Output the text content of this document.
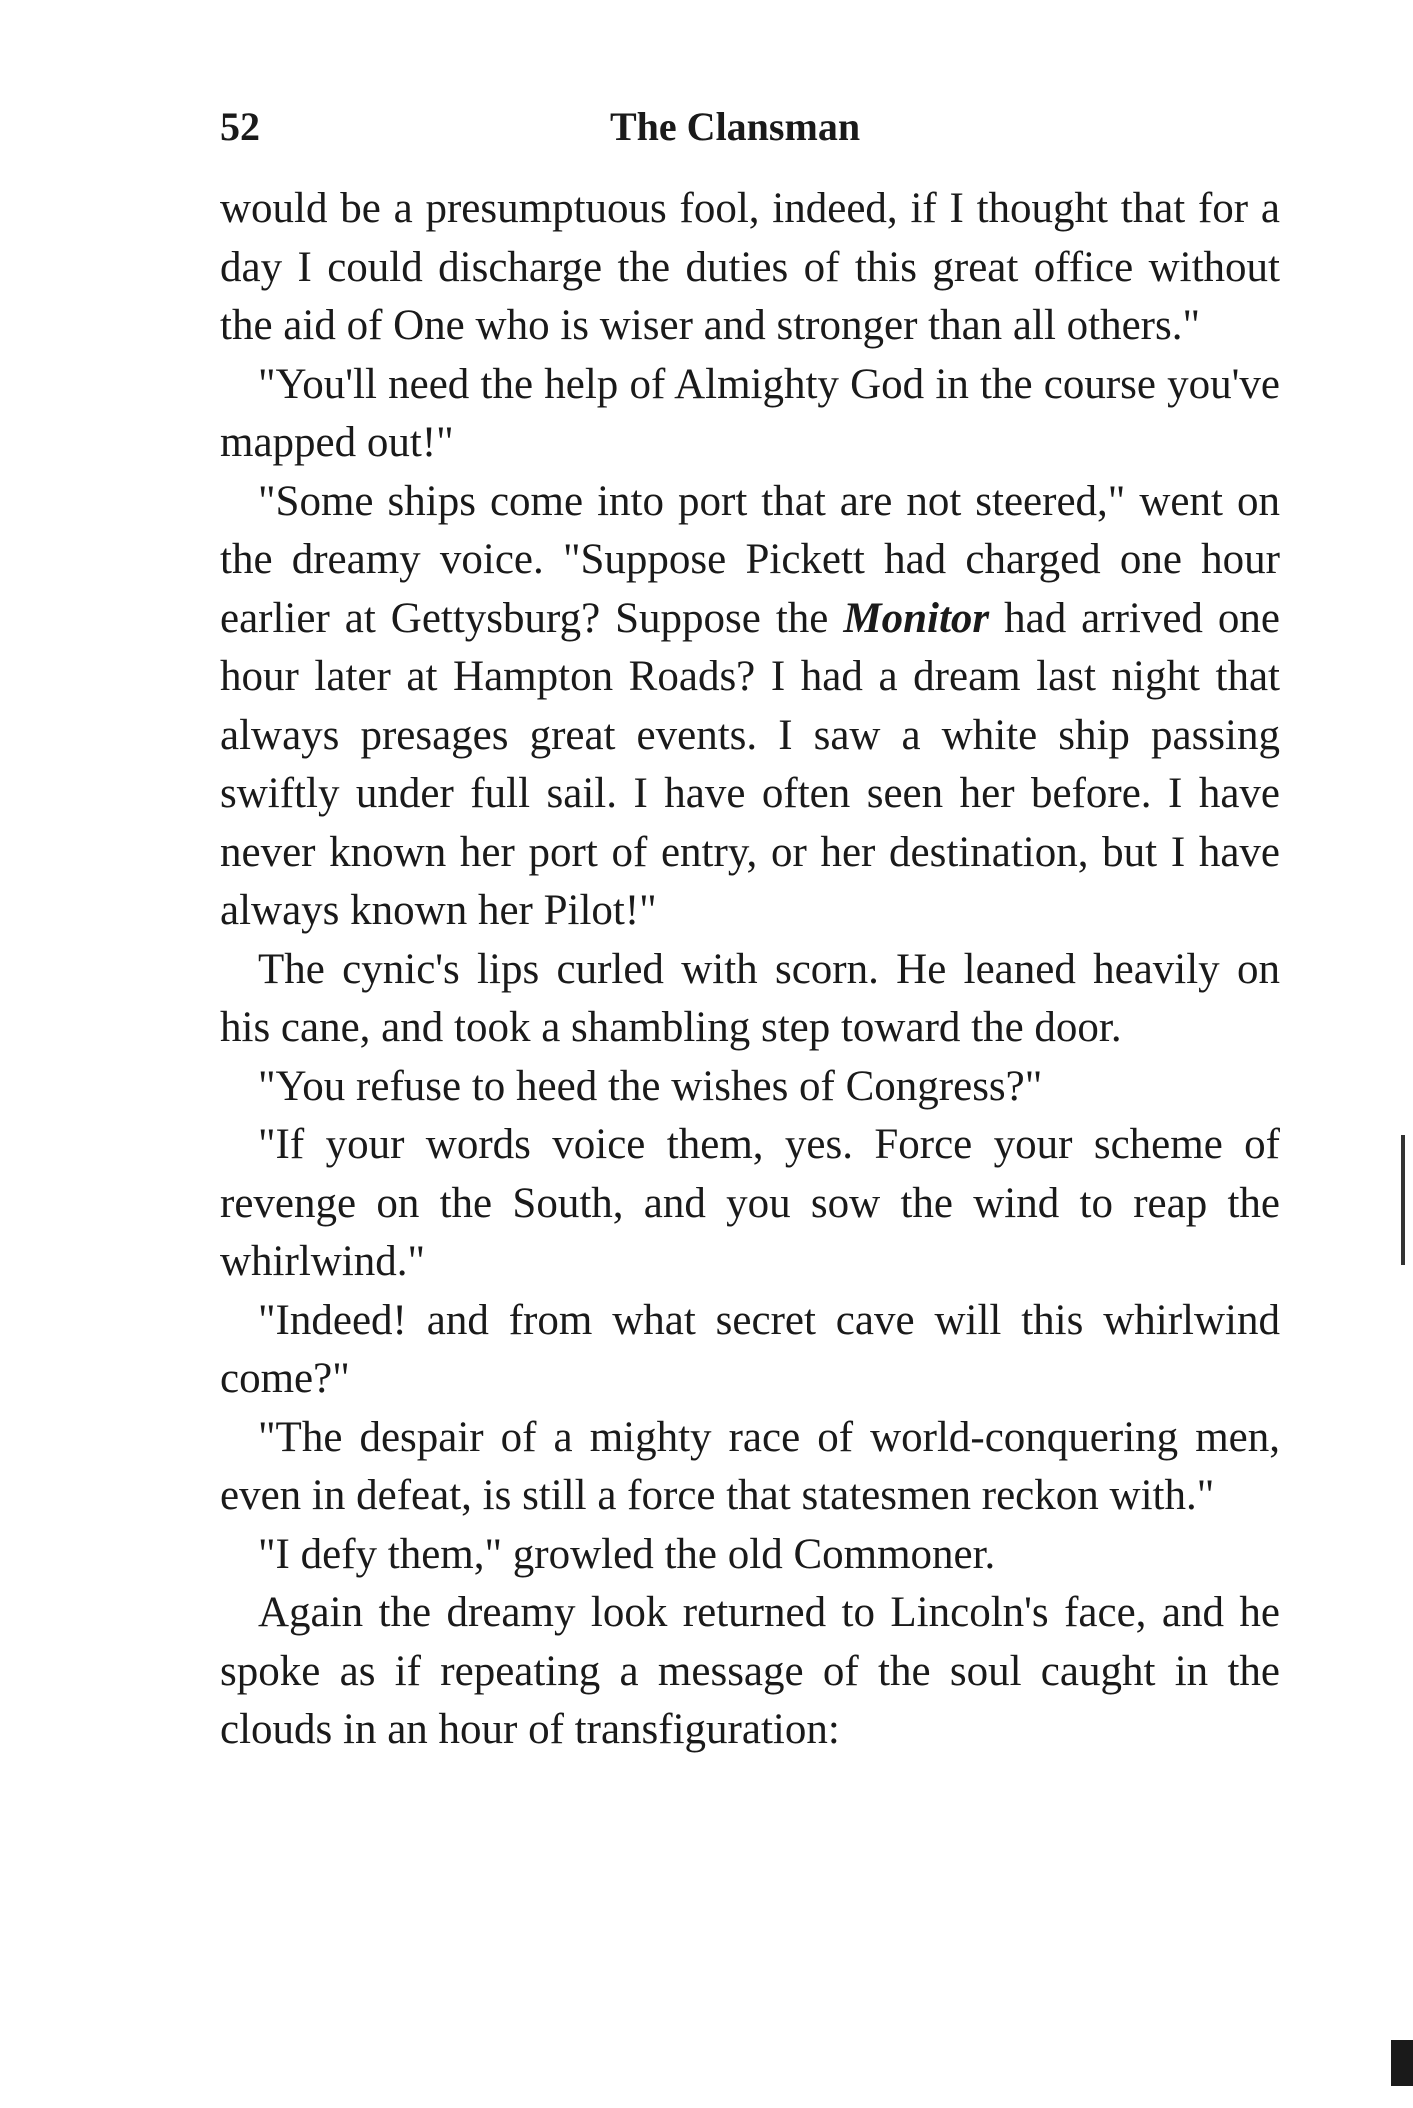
52	The Clansman

would be a presumptuous fool, indeed, if I thought that for a day I could discharge the duties of this great office without the aid of One who is wiser and stronger than all others."

"You'll need the help of Almighty God in the course you've mapped out!"

"Some ships come into port that are not steered," went on the dreamy voice. "Suppose Pickett had charged one hour earlier at Gettysburg? Suppose the Monitor had arrived one hour later at Hampton Roads? I had a dream last night that always presages great events. I saw a white ship passing swiftly under full sail. I have often seen her before. I have never known her port of entry, or her destination, but I have always known her Pilot!"

The cynic's lips curled with scorn. He leaned heavily on his cane, and took a shambling step toward the door.

"You refuse to heed the wishes of Congress?"

"If your words voice them, yes. Force your scheme of revenge on the South, and you sow the wind to reap the whirlwind."

"Indeed! and from what secret cave will this whirlwind come?"

"The despair of a mighty race of world-conquering men, even in defeat, is still a force that statesmen reckon with."

"I defy them," growled the old Commoner.

Again the dreamy look returned to Lincoln's face, and he spoke as if repeating a message of the soul caught in the clouds in an hour of transfiguration:
